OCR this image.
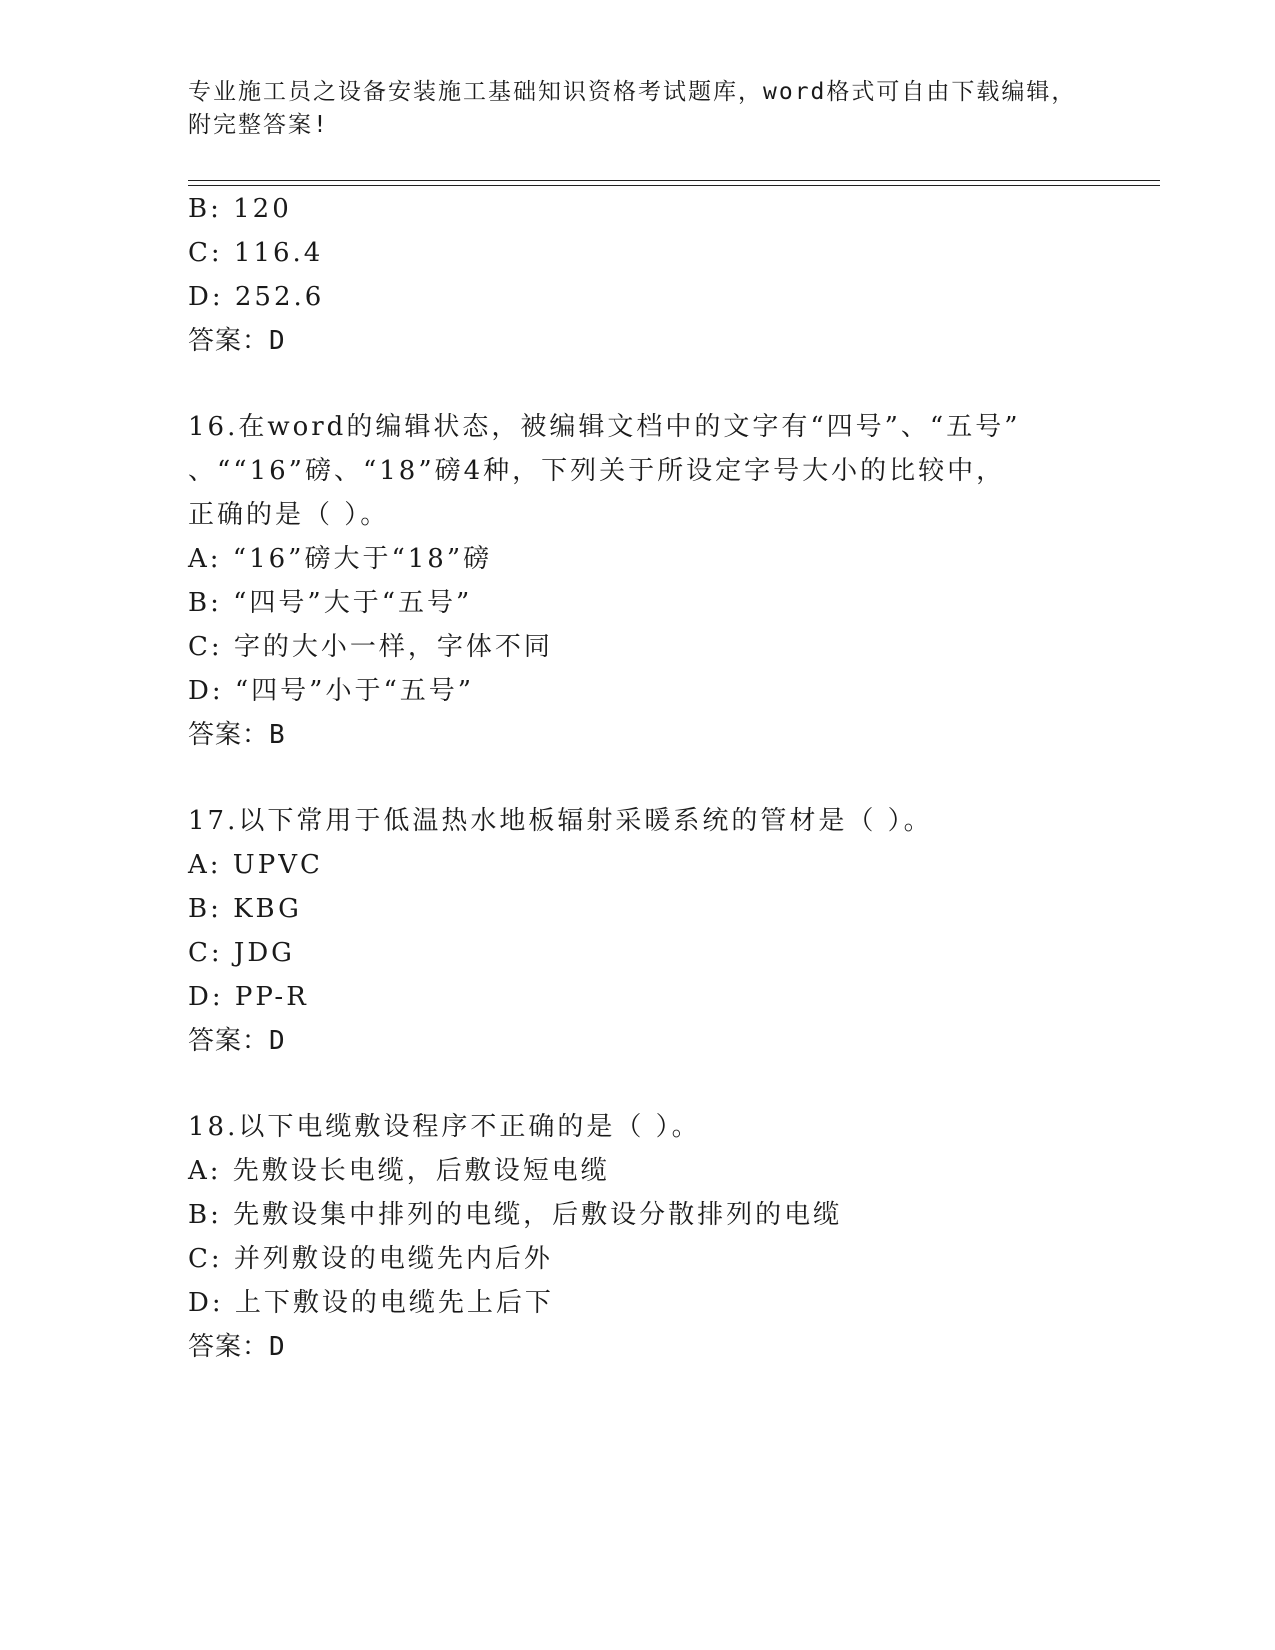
专业施工员之设备安装施工基础知识资格考试题库，word格式可自由下载编辑，
附完整答案!
B: 120
C: 116.4
D: 252.6
答案：D
16.在word的编辑状态，被编辑文档中的文字有“四号”、“五号”
、““16”磅、“18”磅4种，下列关于所设定字号大小的比较中，
正确的是（ ）。
A: “16”磅大于“18”磅
B: “四号”大于“五号”
C: 字的大小一样，字体不同
D: “四号”小于“五号”
答案：B
17.以下常用于低温热水地板辐射采暖系统的管材是（ ）。
A: UPVC
B: KBG
C: JDG
D: PP-R
答案：D
18.以下电缆敷设程序不正确的是（ ）。
A: 先敷设长电缆，后敷设短电缆
B: 先敷设集中排列的电缆，后敷设分散排列的电缆
C: 并列敷设的电缆先内后外
D: 上下敷设的电缆先上后下
答案：D
